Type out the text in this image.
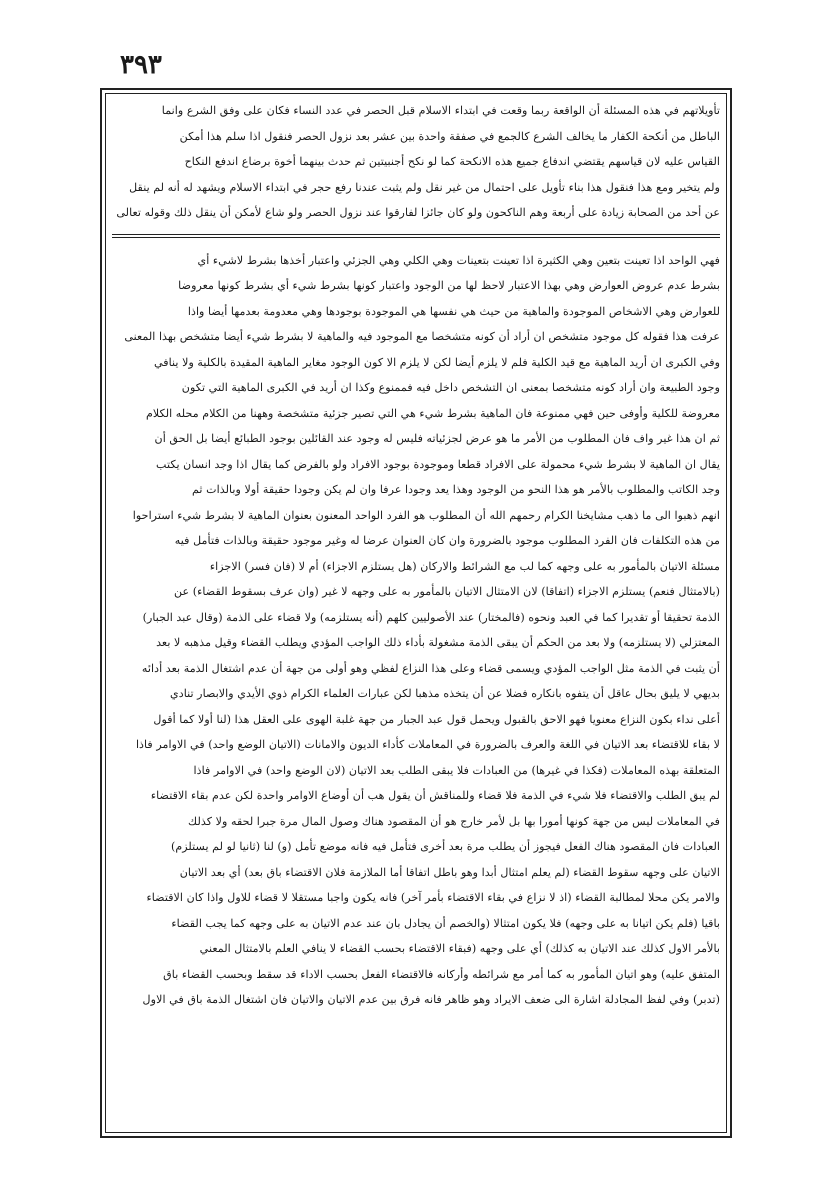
٣٩٣
تأويلاتهم في هذه المسئلة أن الواقعة ربما وقعت في ابتداء الاسلام قبل الحصر في عدد النساء فكان على وفق الشرع وانما
الباطل من أنكحة الكفار ما يخالف الشرع كالجمع في صفقة واحدة بين عشر بعد نزول الحصر فنقول اذا سلم هذا أمكن
القياس عليه لان قياسهم يقتضي اندفاع جميع هذه الانكحة كما لو نكح أجنبيتين ثم حدث بينهما أخوة برضاع اندفع النكاح
ولم يتخير ومع هذا فنقول هذا بناء تأويل على احتمال من غير نقل ولم يثبت عندنا رفع حجر في ابتداء الاسلام ويشهد له أنه لم ينقل
عن أحد من الصحابة زيادة على أربعة وهم الناكحون ولو كان جائزا لفارقوا عند نزول الحصر ولو شاع لأمكن أن ينقل ذلك وقوله تعالى
فهي الواحد اذا تعينت بتعين وهي الكثيرة اذا تعينت بتعينات وهي الكلي وهي الجزئي واعتبار أخذها بشرط لاشيء أي
بشرط عدم عروض العوارض وهي بهذا الاعتبار لاحظ لها من الوجود واعتبار كونها بشرط شيء أي بشرط كونها معروضا
للعوارض وهي الاشخاص الموجودة والماهية من حيث هي نفسها هي الموجودة بوجودها وهي معدومة بعدمها أيضا واذا
عرفت هذا فقوله كل موجود متشخص ان أراد أن كونه متشخصا مع الموجود فيه والماهية لا بشرط شيء أيضا متشخص بهذا المعنى
وفي الكبرى ان أريد الماهية مع قيد الكلية فلم لا يلزم أيضا لكن لا يلزم الا كون الوجود مغاير الماهية المقيدة بالكلية ولا ينافي
وجود الطبيعة وان أراد كونه متشخصا بمعنى ان التشخص داخل فيه فممنوع وكذا ان أريد في الكبرى الماهية التي تكون
معروضة للكلية وأوفى حين فهي ممنوعة فان الماهية بشرط شيء هي التي تصير جزئية متشخصة وههنا من الكلام محله الكلام
ثم ان هذا غير واف فان المطلوب من الأمر ما هو عرض لجزئياته فليس له وجود عند القائلين بوجود الطبائع أيضا بل الحق أن
يقال ان الماهية لا بشرط شيء محمولة على الافراد قطعا وموجودة بوجود الافراد ولو بالفرض كما يقال اذا وجد انسان يكتب
وجد الكاتب والمطلوب بالأمر هو هذا النحو من الوجود وهذا يعد وجودا عرفا وان لم يكن وجودا حقيقة أولا وبالذات ثم
انهم ذهبوا الى ما ذهب مشايخنا الكرام رحمهم الله أن المطلوب هو الفرد الواحد المعنون بعنوان الماهية لا بشرط شيء استراحوا
من هذه التكلفات فان الفرد المطلوب موجود بالضرورة وان كان العنوان عرضا له وغير موجود حقيقة وبالذات فتأمل فيه
مسئلة الاتيان بالمأمور به على وجهه كما لب مع الشرائط والاركان (هل يستلزم الاجزاء) أم لا (فان فسر) الاجزاء
(بالامتثال فنعم) يستلزم الاجزاء (اتفاقا) لان الامتثال الاتيان بالمأمور به على وجهه لا غير (وان عرف بسقوط القضاء) عن
الذمة تحقيقا أو تقديرا كما في العبد ونحوه (فالمختار) عند الأصوليين كلهم (أنه يستلزمه) ولا قضاء على الذمة (وقال عبد الجبار)
المعتزلي (لا يستلزمه) ولا بعد من الحكم أن يبقى الذمة مشغولة بأداء ذلك الواجب المؤدي ويطلب القضاء وقيل مذهبه لا بعد
أن يثبت في الذمة مثل الواجب المؤدي ويسمى قضاء وعلى هذا النزاع لفظي وهو أولى من جهة أن عدم اشتغال الذمة بعد أدائه
بديهي لا يليق بحال عاقل أن يتفوه بانكاره فضلا عن أن يتخذه مذهبا لكن عبارات العلماء الكرام ذوي الأيدي والابصار تنادي
أعلى نداء بكون النزاع معنويا فهو الاحق بالقبول ويحمل قول عبد الجبار من جهة غلبة الهوى على العقل هذا (لنا أولا كما أقول
لا بقاء للاقتضاء بعد الاتيان في اللغة والعرف بالضرورة في المعاملات كأداء الديون والامانات (الاتيان الوضع واحد) في الاوامر فاذا
المتعلقة بهذه المعاملات (فكذا في غيرها) من العبادات فلا يبقى الطلب بعد الاتيان (لان الوضع واحد) في الاوامر فاذا
لم يبق الطلب والاقتضاء فلا شيء في الذمة فلا قضاء وللمناقش أن يقول هب أن أوضاع الاوامر واحدة لكن عدم بقاء الاقتضاء
في المعاملات ليس من جهة كونها أمورا بها بل لأمر خارج هو أن المقصود هناك وصول المال مرة جبرا لحقه ولا كذلك
العبادات فان المقصود هناك الفعل فيجوز أن يطلب مرة بعد أخرى فتأمل فيه فانه موضع تأمل (و) لنا (ثانيا لو لم يستلزم)
الاتيان على وجهه سقوط القضاء (لم يعلم امتثال أبدا وهو باطل اتفاقا أما الملازمة فلان الاقتضاء باق بعد) أي بعد الاتيان
والامر يكن محلا لمطالبة القضاء (اذ لا نزاع في بقاء الاقتضاء بأمر آخر) فانه يكون واجبا مستقلا لا قضاء للاول واذا كان الاقتضاء
باقيا (فلم يكن اتيانا به على وجهه) فلا يكون امتثالا (والخصم أن يجادل بان عند عدم الاتيان به على وجهه كما يجب القضاء
بالأمر الاول كذلك عند الاتيان به كذلك) أي على وجهه (فبقاء الاقتضاء بحسب القضاء لا ينافي العلم بالامتثال المعني
المتفق عليه) وهو اتيان المأمور به كما أمر مع شرائطه وأركانه فالاقتضاء الفعل بحسب الاداء قد سقط وبحسب القضاء باق
(تدبر) وفي لفظ المجادلة اشارة الى ضعف الايراد وهو ظاهر فانه فرق بين عدم الاتيان والاتيان فان اشتغال الذمة باق في الاول
